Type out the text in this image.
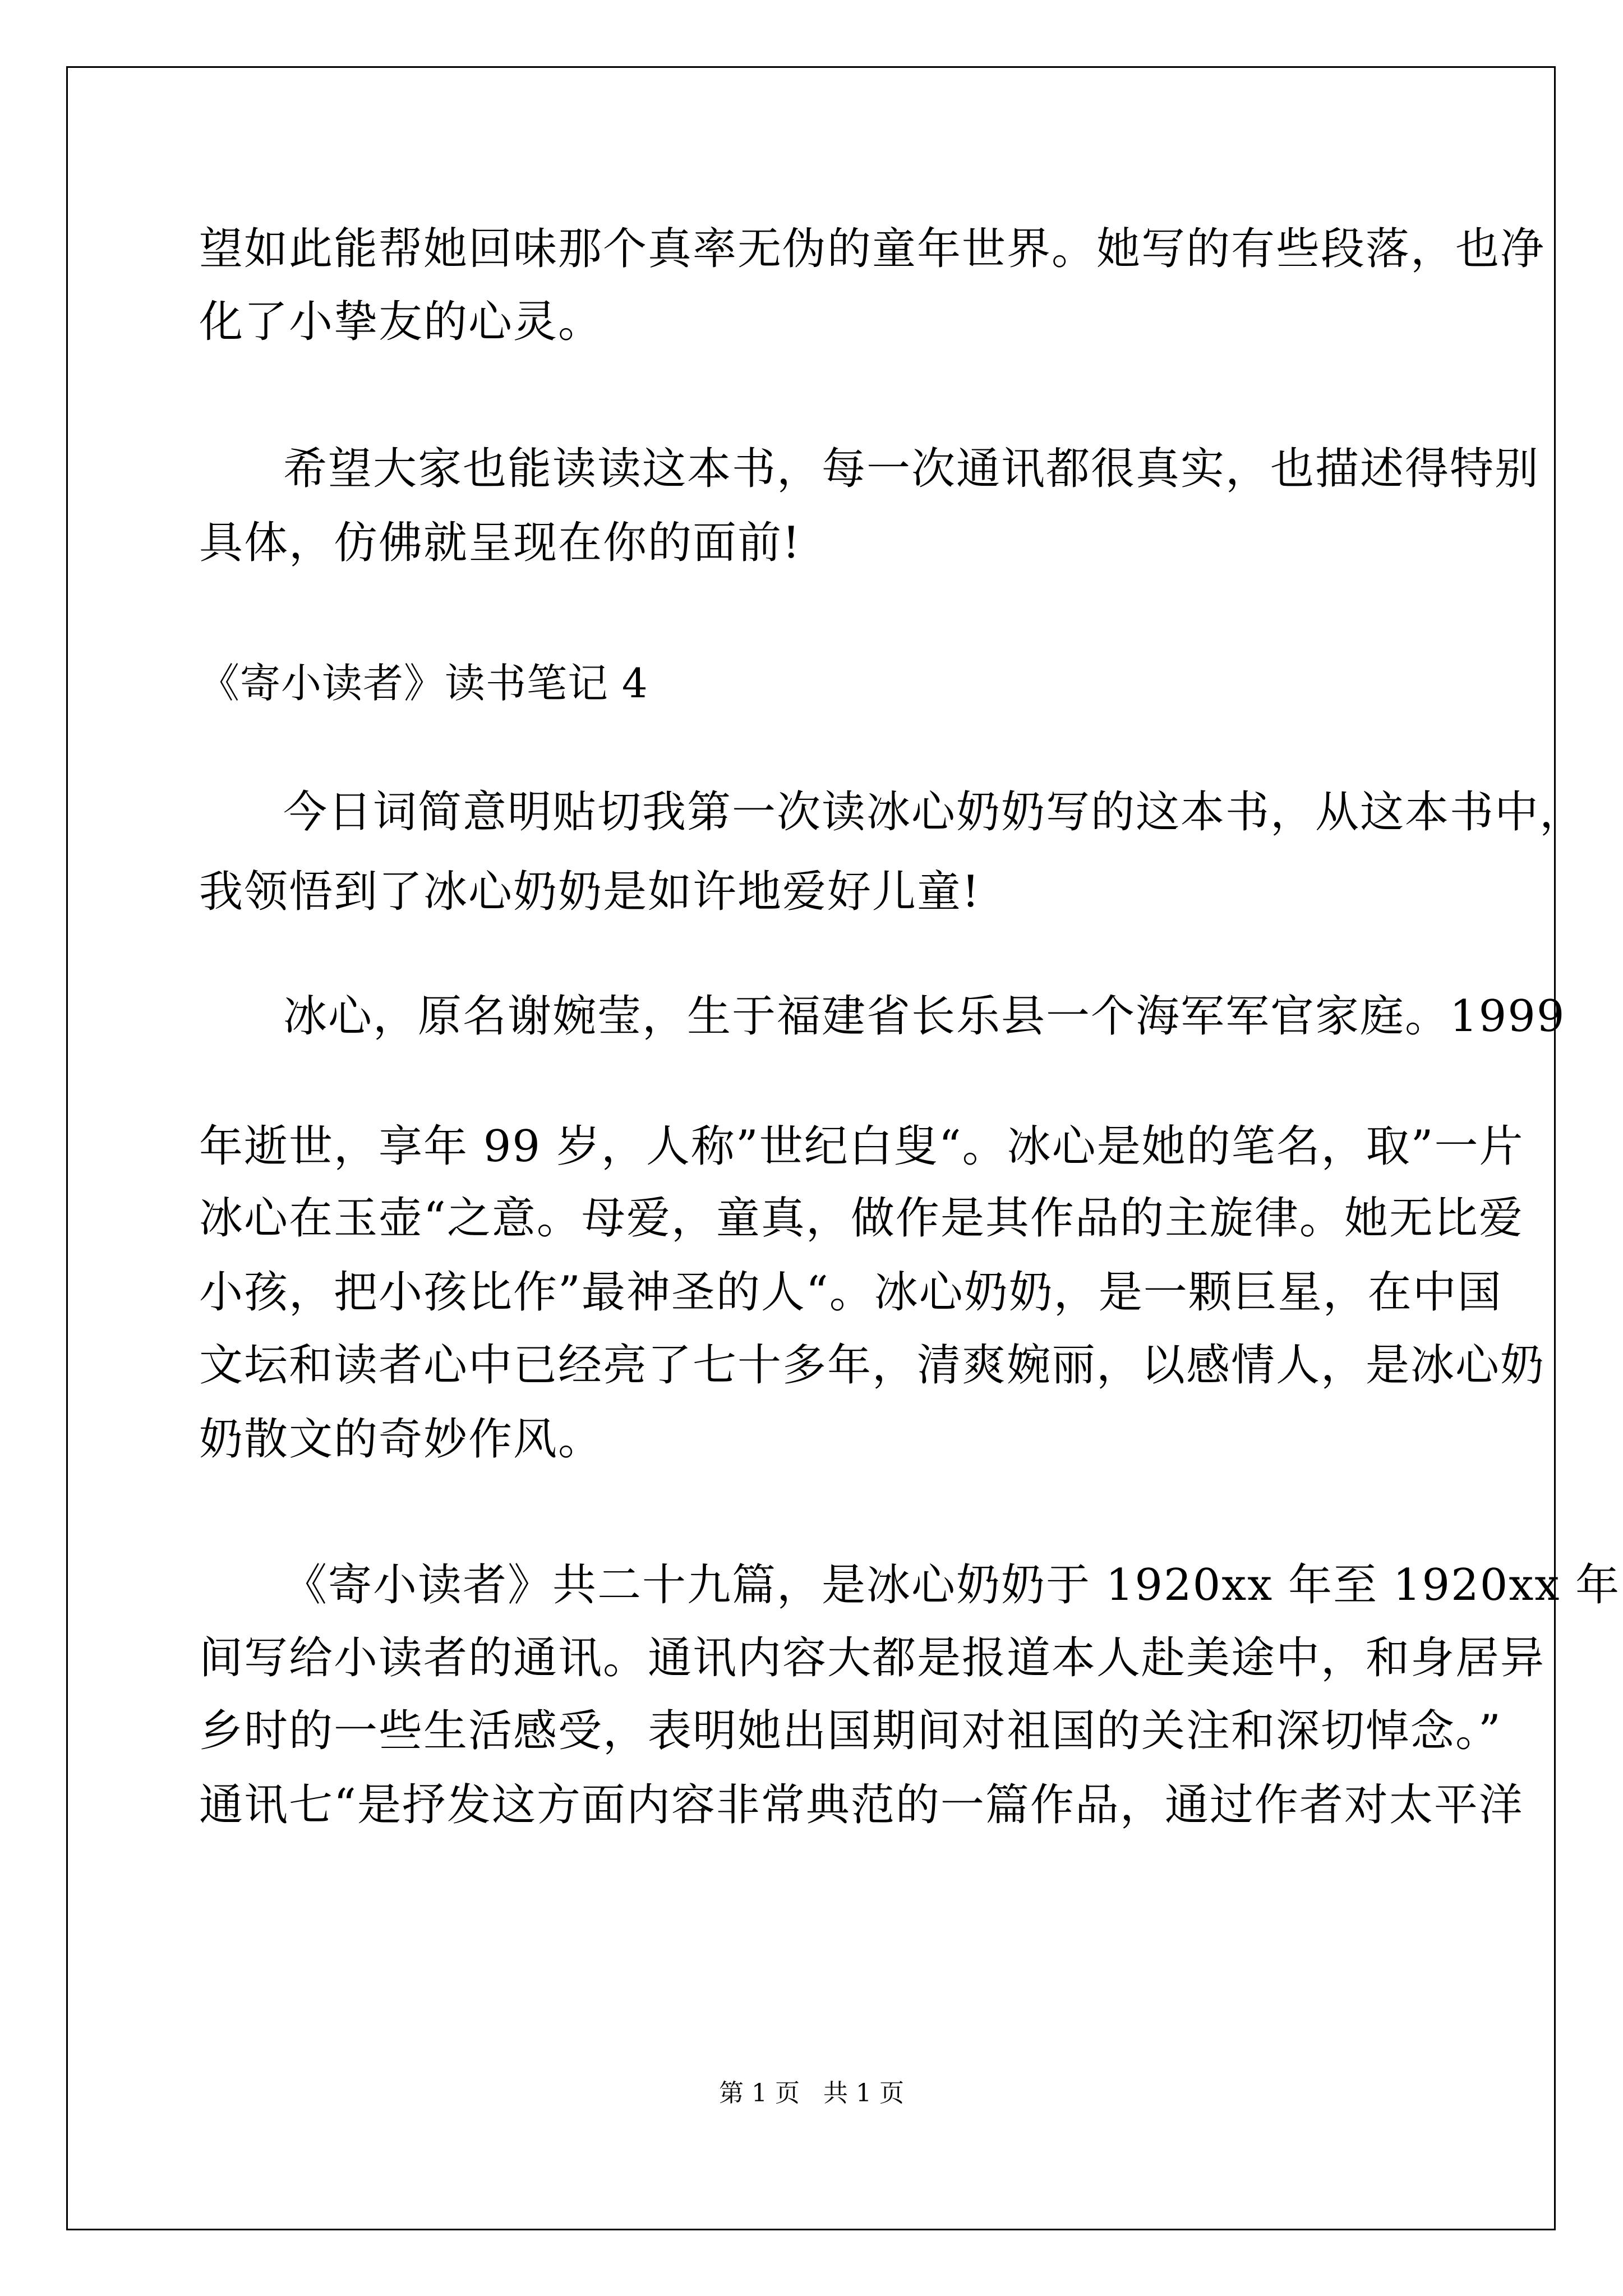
望如此能帮她回味那个真率无伪的童年世界。她写的有些段落，也净
化了小挚友的心灵。
希望大家也能读读这本书，每一次通讯都很真实，也描述得特别
具体，仿佛就呈现在你的面前!
《寄小读者》读书笔记 4
今日词简意明贴切我第一次读冰心奶奶写的这本书，从这本书中，
我领悟到了冰心奶奶是如许地爱好儿童!
冰心，原名谢婉莹，生于福建省长乐县一个海军军官家庭。1999
年逝世，享年 99 岁，人称”世纪白叟“。冰心是她的笔名，取”一片
冰心在玉壶“之意。母爱，童真，做作是其作品的主旋律。她无比爱
小孩，把小孩比作”最神圣的人“。冰心奶奶，是一颗巨星，在中国
文坛和读者心中已经亮了七十多年，清爽婉丽，以感情人，是冰心奶
奶散文的奇妙作风。
《寄小读者》共二十九篇，是冰心奶奶于 1920xx 年至 1920xx 年
间写给小读者的通讯。通讯内容大都是报道本人赴美途中，和身居异
乡时的一些生活感受，表明她出国期间对祖国的关注和深切悼念。”
通讯七“是抒发这方面内容非常典范的一篇作品，通过作者对太平洋
第 1 页   共 1 页
